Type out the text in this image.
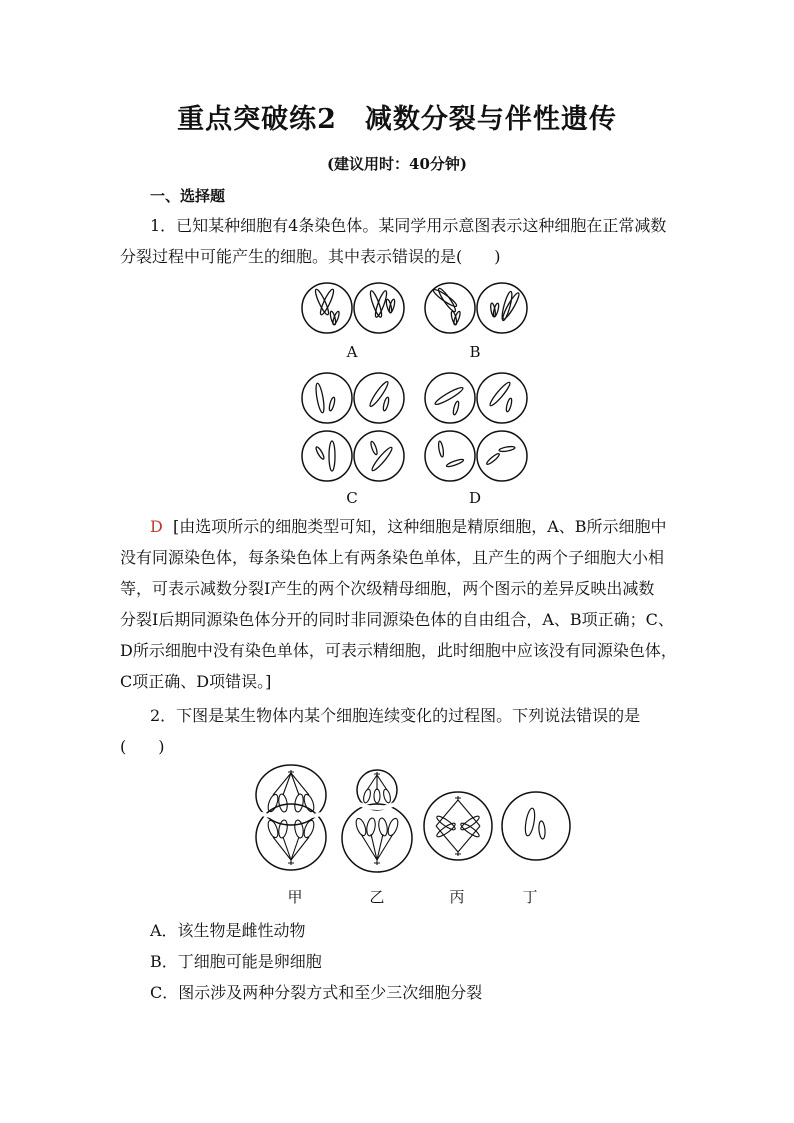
重点突破练2　减数分裂与伴性遗传
(建议用时：40分钟)
一、选择题
1．已知某种细胞有4条染色体。某同学用示意图表示这种细胞在正常减数
分裂过程中可能产生的细胞。其中表示错误的是(　　)
A	B
C	D
D [由选项所示的细胞类型可知，这种细胞是精原细胞，A、B所示细胞中
没有同源染色体，每条染色体上有两条染色单体，且产生的两个子细胞大小相
等，可表示减数分裂Ⅰ产生的两个次级精母细胞，两个图示的差异反映出减数
分裂Ⅰ后期同源染色体分开的同时非同源染色体的自由组合，A、B项正确；C、
D所示细胞中没有染色单体，可表示精细胞，此时细胞中应该没有同源染色体，
C项正确、D项错误。]
2．下图是某生物体内某个细胞连续变化的过程图。下列说法错误的是
(　　)
甲	乙	丙	丁
A．该生物是雌性动物
B．丁细胞可能是卵细胞
C．图示涉及两种分裂方式和至少三次细胞分裂
